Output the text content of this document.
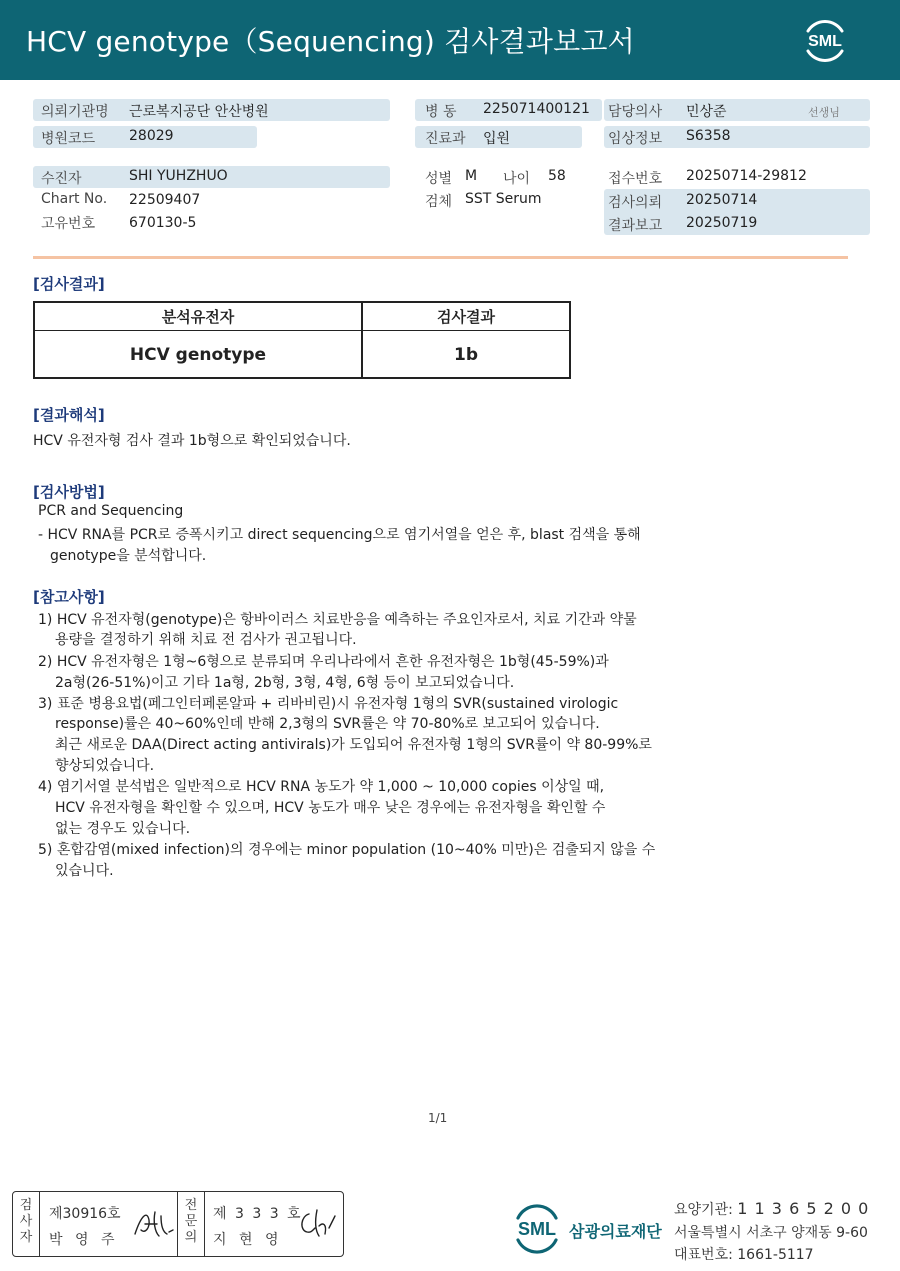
HCV genotype（Sequencing) 검사결과보고서	SML
의뢰기관명 근로복지공단 안산병원
병원코드 28029
병 동 225071400121
진료과 입원
담당의사 민상준	선생님
임상정보 S6358
수진자	SHI YUHZHUO
Chart No. 22509407
고유번호 670130-5
성별 M 나이 58
검체 SST Serum
접수번호 20250714-29812
검사의뢰 20250714
결과보고 20250719
[검사결과]
분석유전자	검사결과
HCV genotype	1b
[결과해석]
HCV 유전자형 검사 결과 1b형으로 확인되었습니다.
[검사방법]
PCR and Sequencing
- HCV RNA를 PCR로 증폭시키고 direct sequencing으로 염기서열을 얻은 후, blast 검색을 통해
genotype을 분석합니다.
[참고사항]
1) HCV 유전자형(genotype)은 항바이러스 치료반응을 예측하는 주요인자로서, 치료 기간과 약물
용량을 결정하기 위해 치료 전 검사가 권고됩니다.
2) HCV 유전자형은 1형~6형으로 분류되며 우리나라에서 흔한 유전자형은 1b형(45-59%)과
2a형(26-51%)이고 기타 1a형, 2b형, 3형, 4형, 6형 등이 보고되었습니다.
3) 표준 병용요법(페그인터페론알파 + 리바비린)시 유전자형 1형의 SVR(sustained virologic
response)률은 40~60%인데 반해 2,3형의 SVR률은 약 70-80%로 보고되어 있습니다.
최근 새로운 DAA(Direct acting antivirals)가 도입되어 유전자형 1형의 SVR률이 약 80-99%로
향상되었습니다.
4) 염기서열 분석법은 일반적으로 HCV RNA 농도가 약 1,000 ~ 10,000 copies 이상일 때,
HCV 유전자형을 확인할 수 있으며, HCV 농도가 매우 낮은 경우에는 유전자형을 확인할 수
없는 경우도 있습니다.
5) 혼합감염(mixed infection)의 경우에는 minor population (10~40% 미만)은 검출되지 않을 수
있습니다.
1/1
검
사
자
제30916호
박 영 주
전
문
의
제 3 3 3 호
지 현 영
SML 삼광의료재단
요양기관: 1 1 3 6 5 2 0 0
서울특별시 서초구 양재동 9-60
대표번호: 1661-5117
